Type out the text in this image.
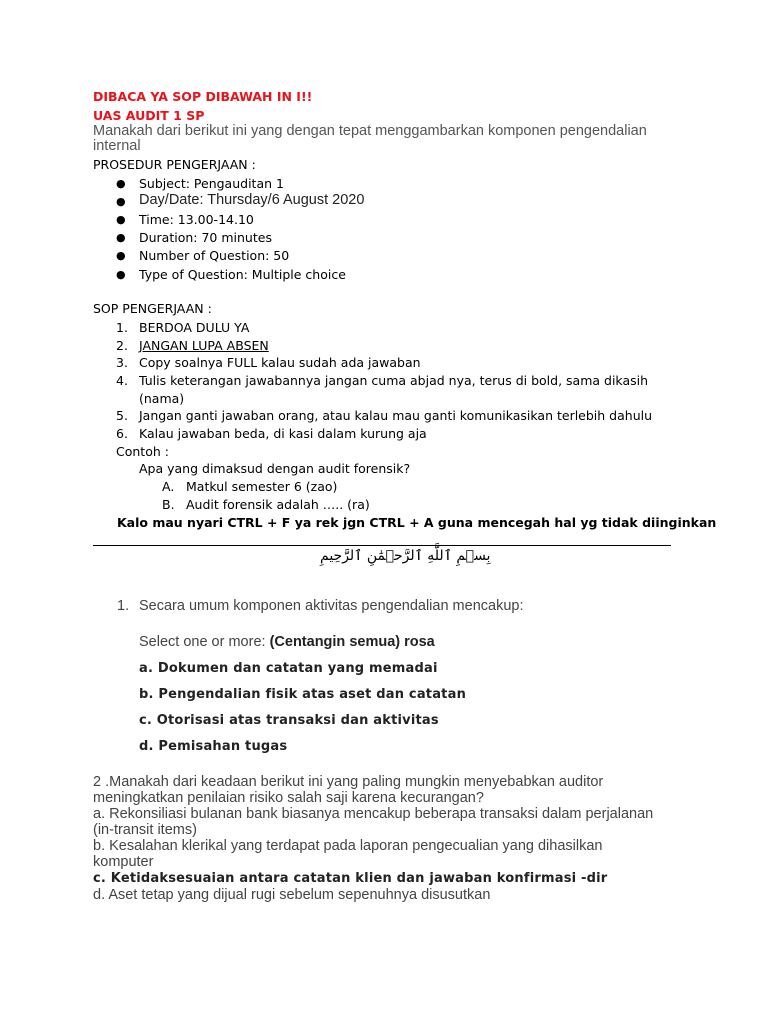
DIBACA YA SOP DIBAWAH IN I!!
UAS AUDIT 1 SP
Manakah dari berikut ini yang dengan tepat menggambarkan komponen pengendalian internal
PROSEDUR PENGERJAAN :
● Subject: Pengauditan 1
● Day/Date: Thursday/6 August 2020
● Time: 13.00-14.10
● Duration: 70 minutes
● Number of Question: 50
● Type of Question: Multiple choice
SOP PENGERJAAN :
1. BERDOA DULU YA
2. JANGAN LUPA ABSEN
3. Copy soalnya FULL kalau sudah ada jawaban
4. Tulis keterangan jawabannya jangan cuma abjad nya, terus di bold, sama dikasih
(nama)
5. Jangan ganti jawaban orang, atau kalau mau ganti komunikasikan terlebih dahulu
6. Kalau jawaban beda, di kasi dalam kurung aja
Contoh :
Apa yang dimaksud dengan audit forensik?
A. Matkul semester 6 (zao)
B. Audit forensik adalah ….. (ra)
Kalo mau nyari CTRL + F ya rek jgn CTRL + A guna mencegah hal yg tidak diinginkan
بِسۡمِ ٱللَّهِ ٱلرَّحۡمَٰنِ ٱلرَّحِيمِ
1. Secara umum komponen aktivitas pengendalian mencakup:
Select one or more: (Centangin semua) rosa
a. Dokumen dan catatan yang memadai
b. Pengendalian fisik atas aset dan catatan
c. Otorisasi atas transaksi dan aktivitas
d. Pemisahan tugas
2 .Manakah dari keadaan berikut ini yang paling mungkin menyebabkan auditor
meningkatkan penilaian risiko salah saji karena kecurangan?
a. Rekonsiliasi bulanan bank biasanya mencakup beberapa transaksi dalam perjalanan
(in-transit items)
b. Kesalahan klerikal yang terdapat pada laporan pengecualian yang dihasilkan
komputer
c. Ketidaksesuaian antara catatan klien dan jawaban konfirmasi -dir
d. Aset tetap yang dijual rugi sebelum sepenuhnya disusutkan
